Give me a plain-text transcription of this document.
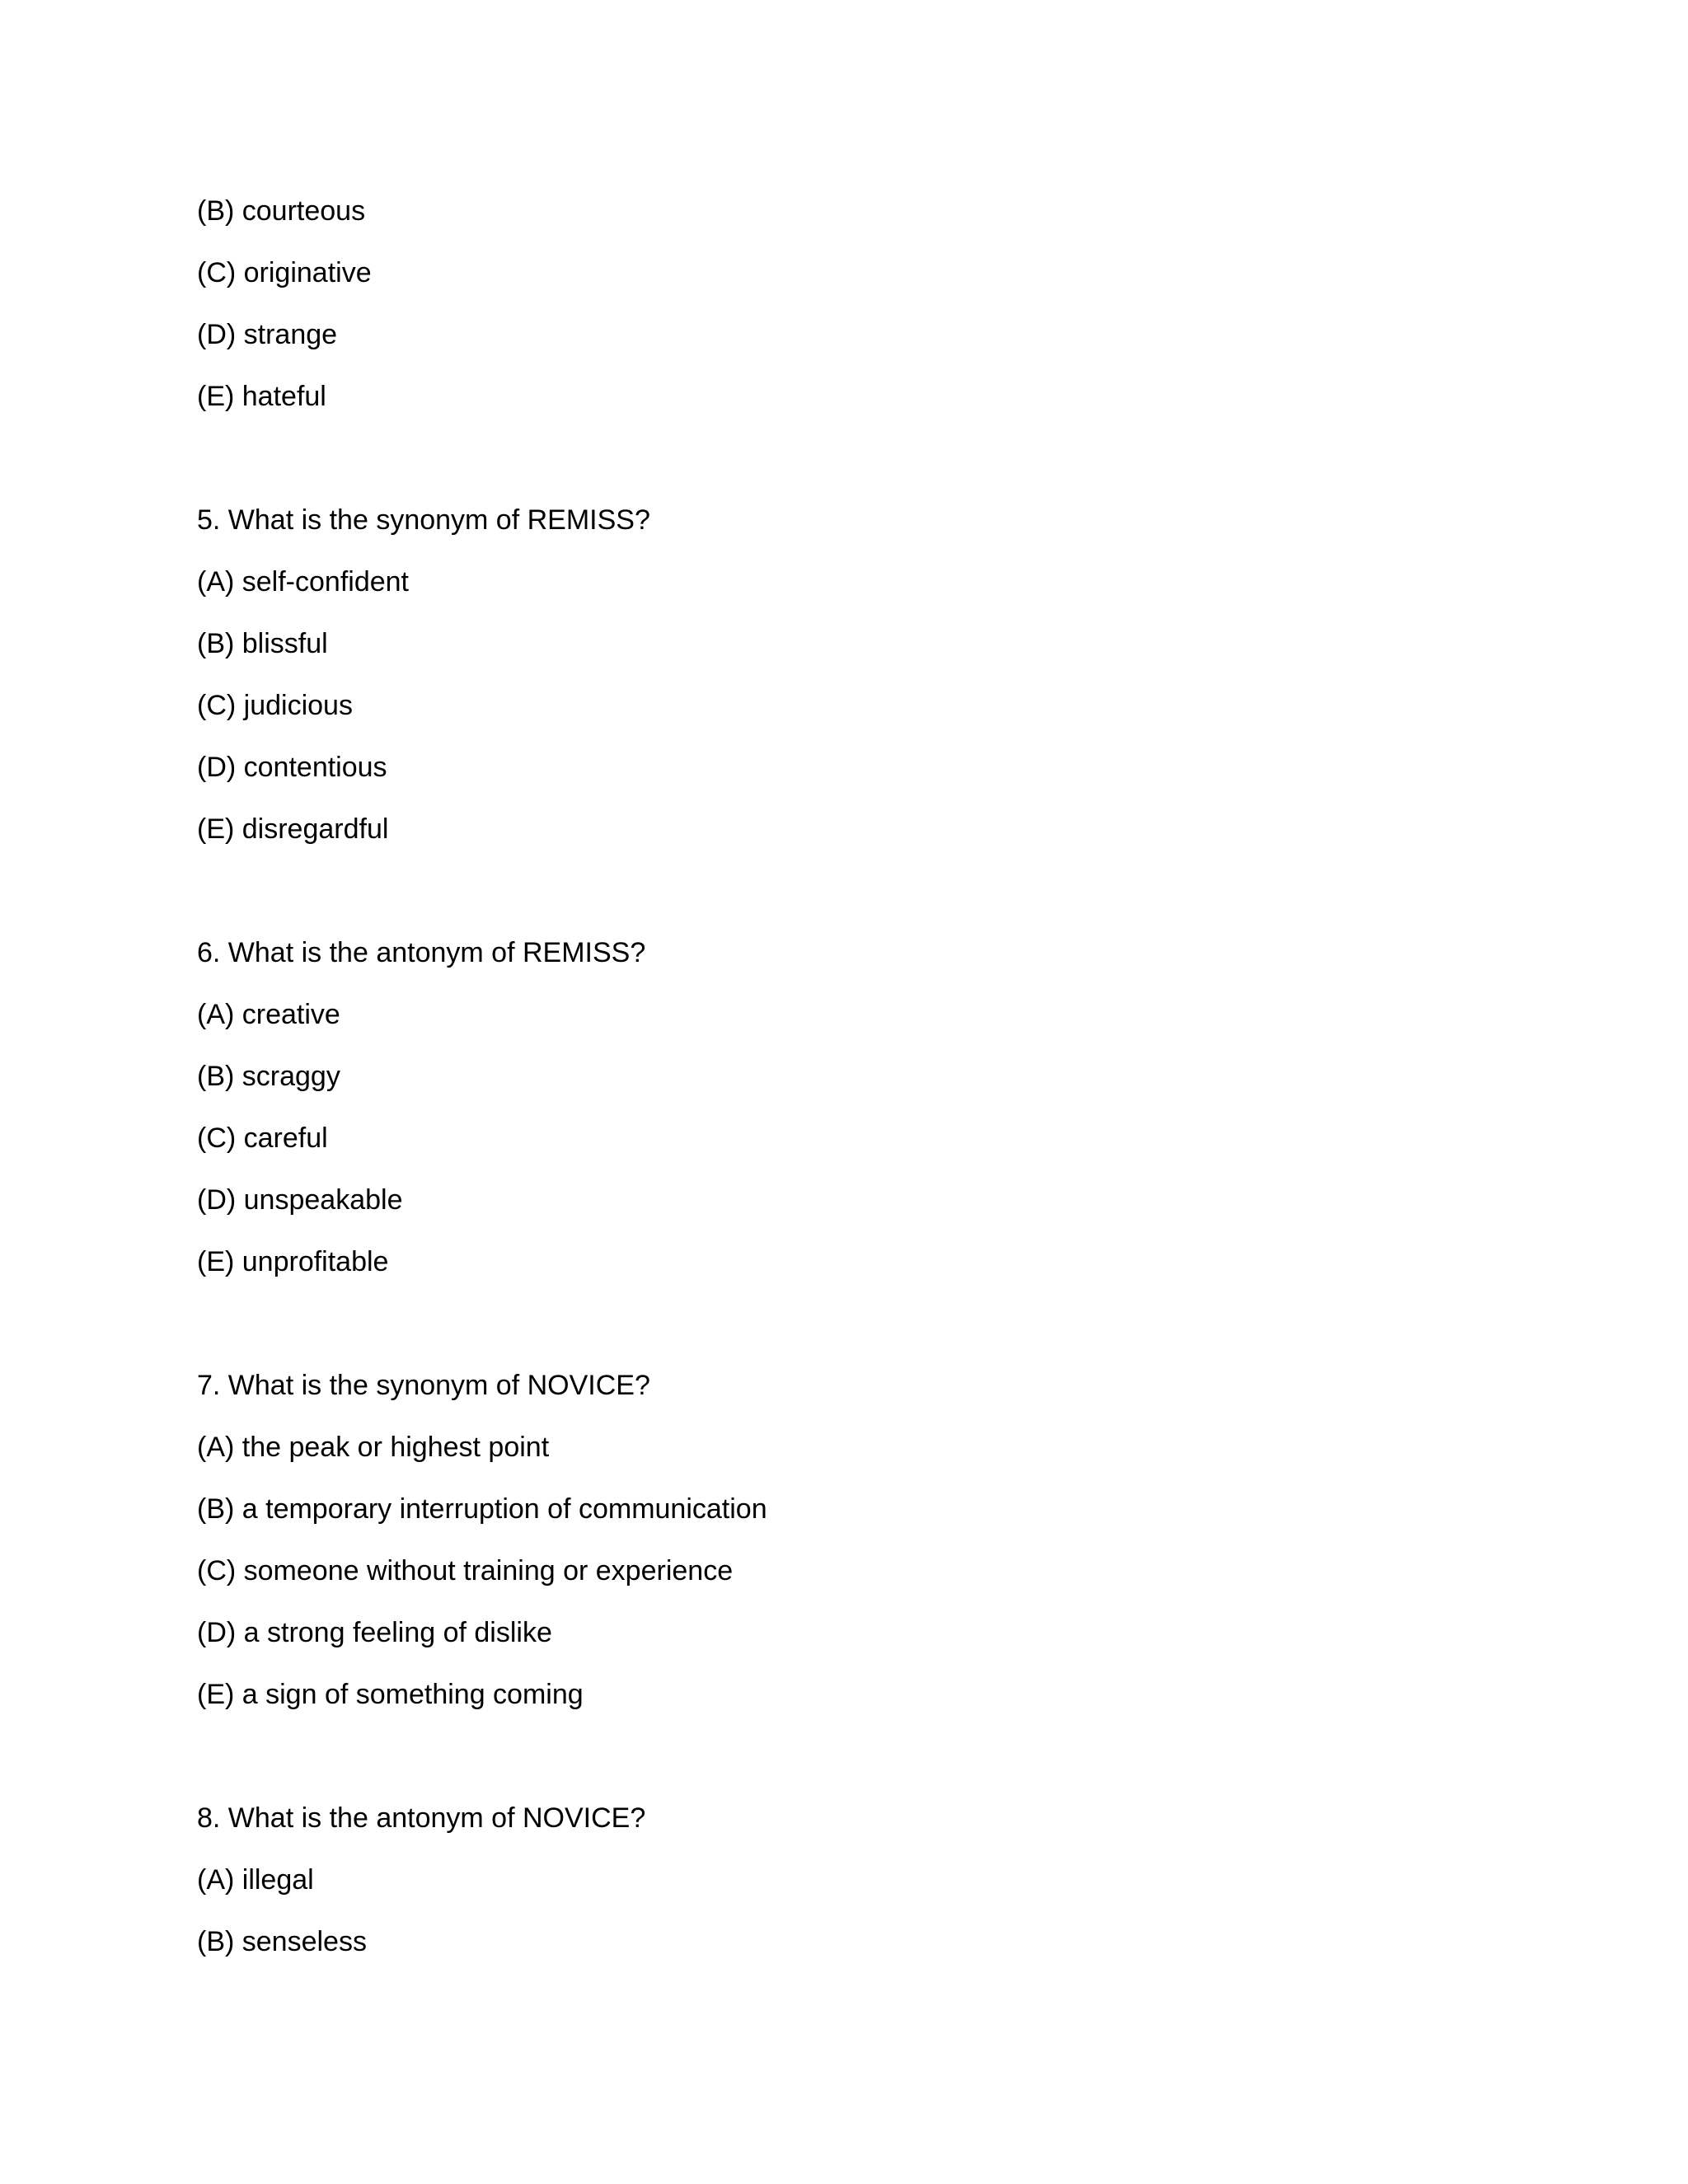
(B) courteous
(C) originative
(D) strange
(E) hateful
5. What is the synonym of REMISS?
(A) self-confident
(B) blissful
(C) judicious
(D) contentious
(E) disregardful
6. What is the antonym of REMISS?
(A) creative
(B) scraggy
(C) careful
(D) unspeakable
(E) unprofitable
7. What is the synonym of NOVICE?
(A) the peak or highest point
(B) a temporary interruption of communication
(C) someone without training or experience
(D) a strong feeling of dislike
(E) a sign of something coming
8. What is the antonym of NOVICE?
(A) illegal
(B) senseless
